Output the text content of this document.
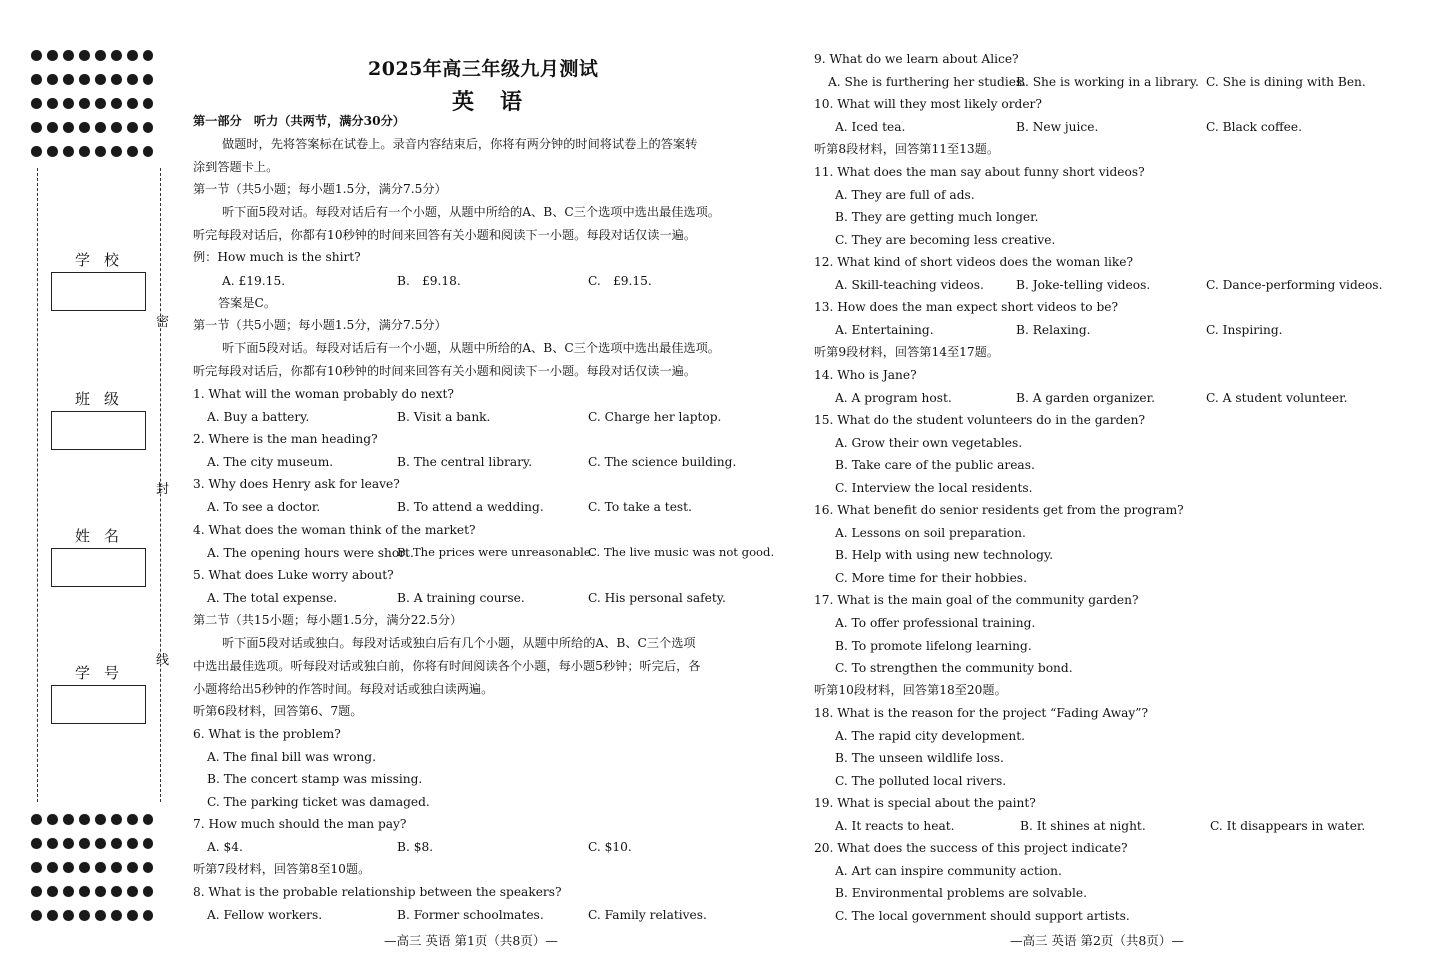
学校
班级
姓名
学号
密
封
线
2025年高三年级九月测试
英语
第一部分　听力（共两节，满分30分）
做题时，先将答案标在试卷上。录音内容结束后，你将有两分钟的时间将试卷上的答案转
涂到答题卡上。
第一节（共5小题；每小题1.5分，满分7.5分）
听下面5段对话。每段对话后有一个小题，从题中所给的A、B、C三个选项中选出最佳选项。
听完每段对话后，你都有10秒钟的时间来回答有关小题和阅读下一小题。每段对话仅读一遍。
例：How much is the shirt?
A. £19.15.	B.　£9.18.	C.　£9.15.
答案是C。
第一节（共5小题；每小题1.5分，满分7.5分）
听下面5段对话。每段对话后有一个小题，从题中所给的A、B、C三个选项中选出最佳选项。
听完每段对话后，你都有10秒钟的时间来回答有关小题和阅读下一小题。每段对话仅读一遍。
1. What will the woman probably do next?
A. Buy a battery.	B. Visit a bank.	C. Charge her laptop.
2. Where is the man heading?
A. The city museum.	B. The central library.	C. The science building.
3. Why does Henry ask for leave?
A. To see a doctor.	B. To attend a wedding.	C. To take a test.
4. What does the woman think of the market?
A. The opening hours were short.
B. The prices were unreasonable.
C. The live music was not good.
5. What does Luke worry about?
A. The total expense.	B. A training course.	C. His personal safety.
第二节（共15小题；每小题1.5分，满分22.5分）
听下面5段对话或独白。每段对话或独白后有几个小题，从题中所给的A、B、C三个选项
中选出最佳选项。听每段对话或独白前，你将有时间阅读各个小题，每小题5秒钟；听完后，各
小题将给出5秒钟的作答时间。每段对话或独白读两遍。
听第6段材料，回答第6、7题。
6. What is the problem?
A. The final bill was wrong.
B. The concert stamp was missing.
C. The parking ticket was damaged.
7. How much should the man pay?
A. $4.	B. $8.	C. $10.
听第7段材料，回答第8至10题。
8. What is the probable relationship between the speakers?
A. Fellow workers.	B. Former schoolmates.	C. Family relatives.
—高三 英语 第1页（共8页）—
9. What do we learn about Alice?
A. She is furthering her studies.
B. She is working in a library. C. She is dining with Ben.
10. What will they most likely order?
A. Iced tea.	B. New juice.	C. Black coffee.
听第8段材料，回答第11至13题。
11. What does the man say about funny short videos?
A. They are full of ads.
B. They are getting much longer.
C. They are becoming less creative.
12. What kind of short videos does the woman like?
A. Skill-teaching videos.	B. Joke-telling videos.	C. Dance-performing videos.
13. How does the man expect short videos to be?
A. Entertaining.	B. Relaxing.	C. Inspiring.
听第9段材料，回答第14至17题。
14. Who is Jane?
A. A program host.	B. A garden organizer.	C. A student volunteer.
15. What do the student volunteers do in the garden?
A. Grow their own vegetables.
B. Take care of the public areas.
C. Interview the local residents.
16. What benefit do senior residents get from the program?
A. Lessons on soil preparation.
B. Help with using new technology.
C. More time for their hobbies.
17. What is the main goal of the community garden?
A. To offer professional training.
B. To promote lifelong learning.
C. To strengthen the community bond.
听第10段材料，回答第18至20题。
18. What is the reason for the project “Fading Away”?
A. The rapid city development.
B. The unseen wildlife loss.
C. The polluted local rivers.
19. What is special about the paint?
A. It reacts to heat.	B. It shines at night.	C. It disappears in water.
20. What does the success of this project indicate?
A. Art can inspire community action.
B. Environmental problems are solvable.
C. The local government should support artists.
—高三 英语 第2页（共8页）—
